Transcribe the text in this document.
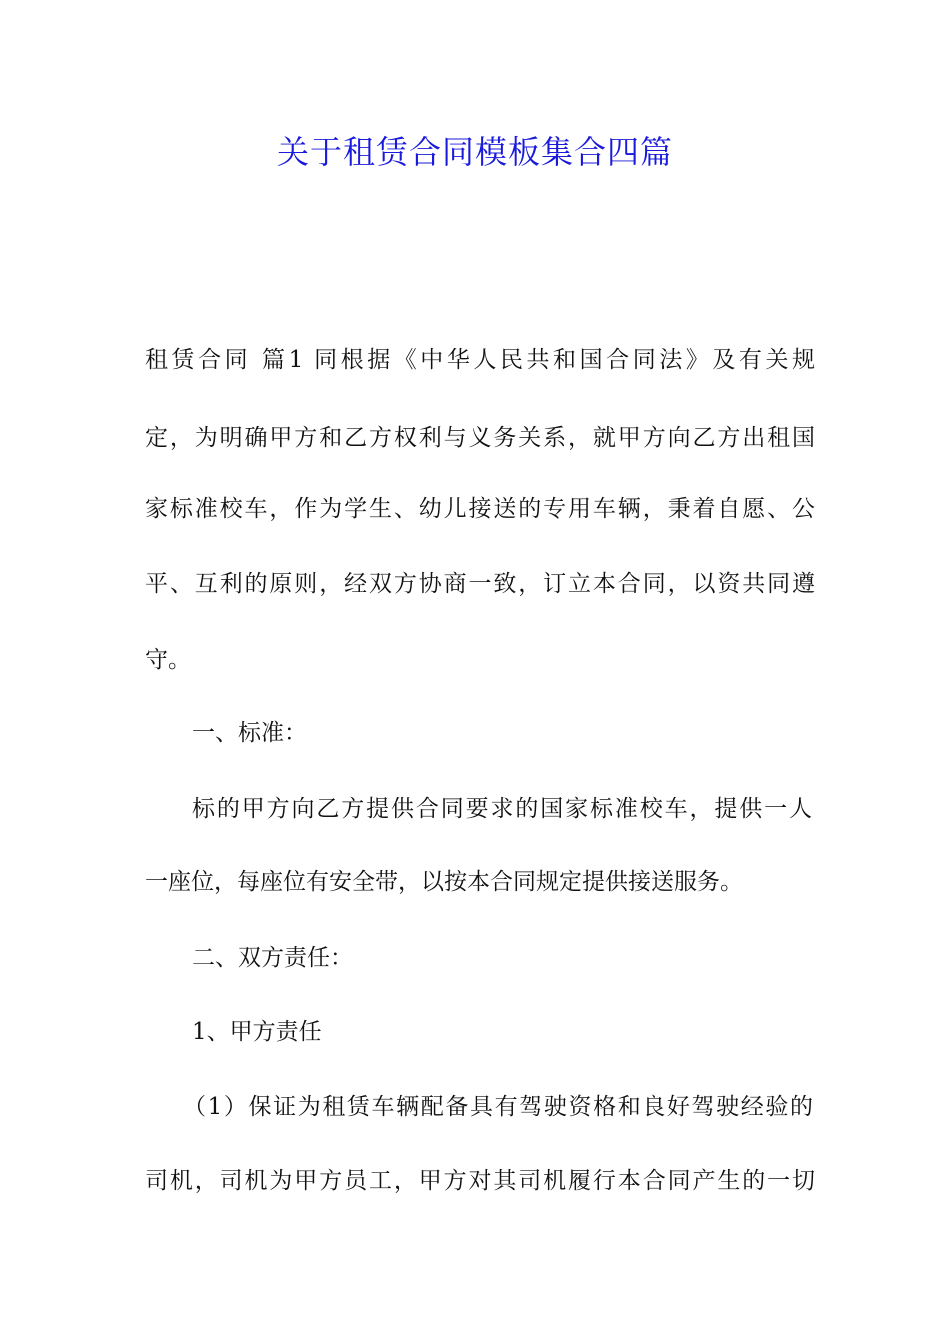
关于租赁合同模板集合四篇
租赁合同 篇1 同根据《中华人民共和国合同法》及有关规
定，为明确甲方和乙方权利与义务关系，就甲方向乙方出租国
家标准校车，作为学生、幼儿接送的专用车辆，秉着自愿、公
平、互利的原则，经双方协商一致，订立本合同，以资共同遵
守。
一、标准：
标的甲方向乙方提供合同要求的国家标准校车，提供一人
一座位，每座位有安全带，以按本合同规定提供接送服务。
二、双方责任：
1、甲方责任
（1）保证为租赁车辆配备具有驾驶资格和良好驾驶经验的
司机，司机为甲方员工，甲方对其司机履行本合同产生的一切
